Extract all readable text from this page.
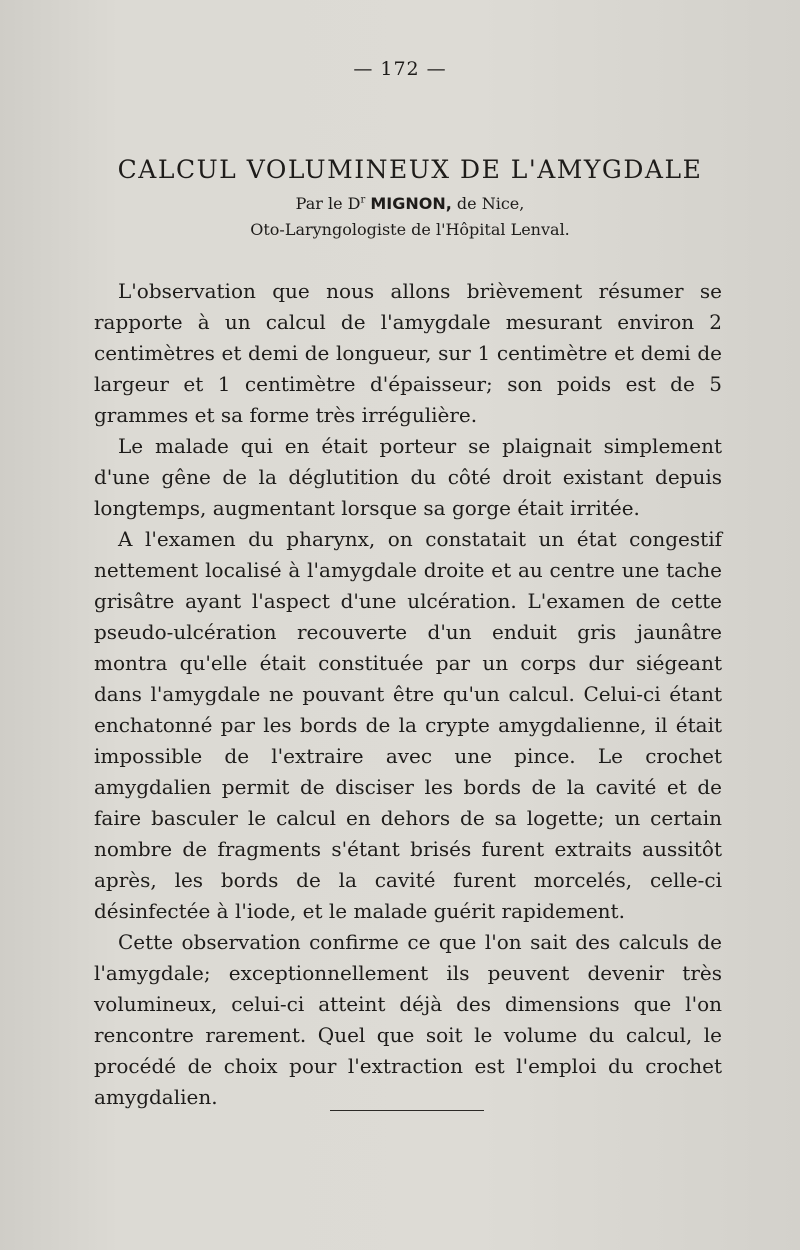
— 172 —
CALCUL VOLUMINEUX DE L'AMYGDALE
Par le $D^r$ MIGNON, de Nice,
Oto-Laryngologiste de l'Hôpital Lenval.

L'observation que nous allons brièvement résumer se rapporte à un calcul de l'amygdale mesurant environ 2 centimètres et demi de longueur, sur 1 centimètre et demi de largeur et 1 centimètre d'épaisseur; son poids est de 5 grammes et sa forme très irrégulière.

Le malade qui en était porteur se plaignait simplement d'une gêne de la déglutition du côté droit existant depuis longtemps, augmentant lorsque sa gorge était irritée.

A l'examen du pharynx, on constatait un état congestif nettement localisé à l'amygdale droite et au centre une tache grisâtre ayant l'aspect d'une ulcération. L'examen de cette pseudo-ulcération recouverte d'un enduit gris jaunâtre montra qu'elle était constituée par un corps dur siégeant dans l'amygdale ne pouvant être qu'un calcul. Celui-ci étant enchatonné par les bords de la crypte amygdalienne, il était impossible de l'extraire avec une pince. Le crochet amygdalien permit de disciser les bords de la cavité et de faire basculer le calcul en dehors de sa logette; un certain nombre de fragments s'étant brisés furent extraits aussitôt après, les bords de la cavité furent morcelés, celle-ci désinfectée à l'iode, et le malade guérit rapidement.

Cette observation confirme ce que l'on sait des calculs de l'amygdale; exceptionnellement ils peuvent devenir très volumineux, celui-ci atteint déjà des dimensions que l'on rencontre rarement. Quel que soit le volume du calcul, le procédé de choix pour l'extraction est l'emploi du crochet amygdalien.
